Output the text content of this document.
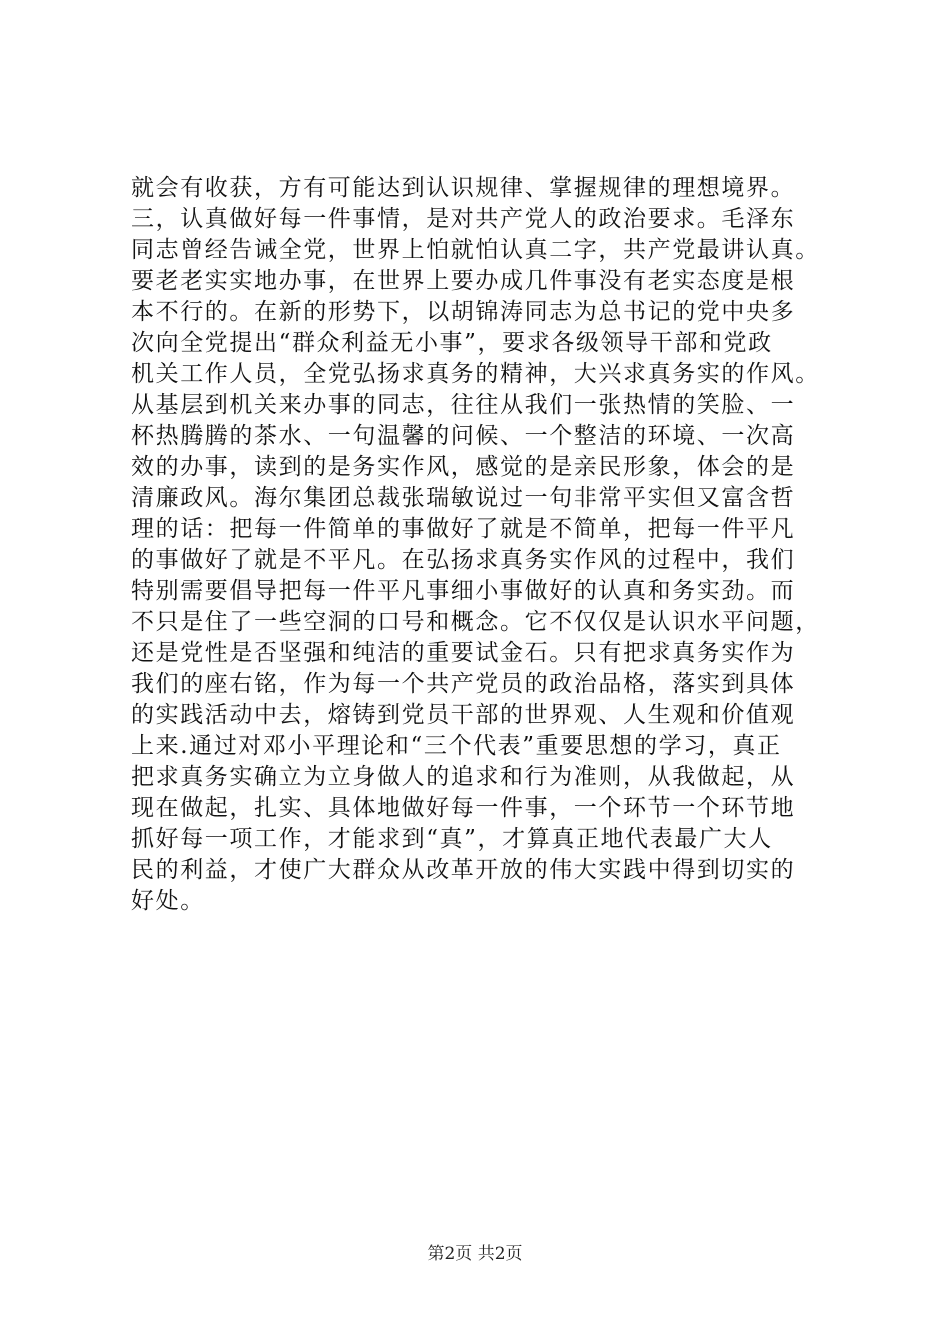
就会有收获，方有可能达到认识规律、掌握规律的理想境界。
三，认真做好每一件事情，是对共产党人的政治要求。毛泽东
同志曾经告诫全党，世界上怕就怕认真二字，共产党最讲认真。
要老老实实地办事，在世界上要办成几件事没有老实态度是根
本不行的。在新的形势下，以胡锦涛同志为总书记的党中央多
次向全党提出“群众利益无小事”，要求各级领导干部和党政
机关工作人员，全党弘扬求真务的精神，大兴求真务实的作风。
从基层到机关来办事的同志，往往从我们一张热情的笑脸、一
杯热腾腾的茶水、一句温馨的问候、一个整洁的环境、一次高
效的办事，读到的是务实作风，感觉的是亲民形象，体会的是
清廉政风。海尔集团总裁张瑞敏说过一句非常平实但又富含哲
理的话：把每一件简单的事做好了就是不简单，把每一件平凡
的事做好了就是不平凡。在弘扬求真务实作风的过程中，我们
特别需要倡导把每一件平凡事细小事做好的认真和务实劲。而
不只是住了一些空洞的口号和概念。它不仅仅是认识水平问题，
还是党性是否坚强和纯洁的重要试金石。只有把求真务实作为
我们的座右铭，作为每一个共产党员的政治品格，落实到具体
的实践活动中去，熔铸到党员干部的世界观、人生观和价值观
上来.通过对邓小平理论和“三个代表”重要思想的学习，真正
把求真务实确立为立身做人的追求和行为准则，从我做起，从
现在做起，扎实、具体地做好每一件事，一个环节一个环节地
抓好每一项工作，才能求到“真”，才算真正地代表最广大人
民的利益，才使广大群众从改革开放的伟大实践中得到切实的
好处。
第2页 共2页
